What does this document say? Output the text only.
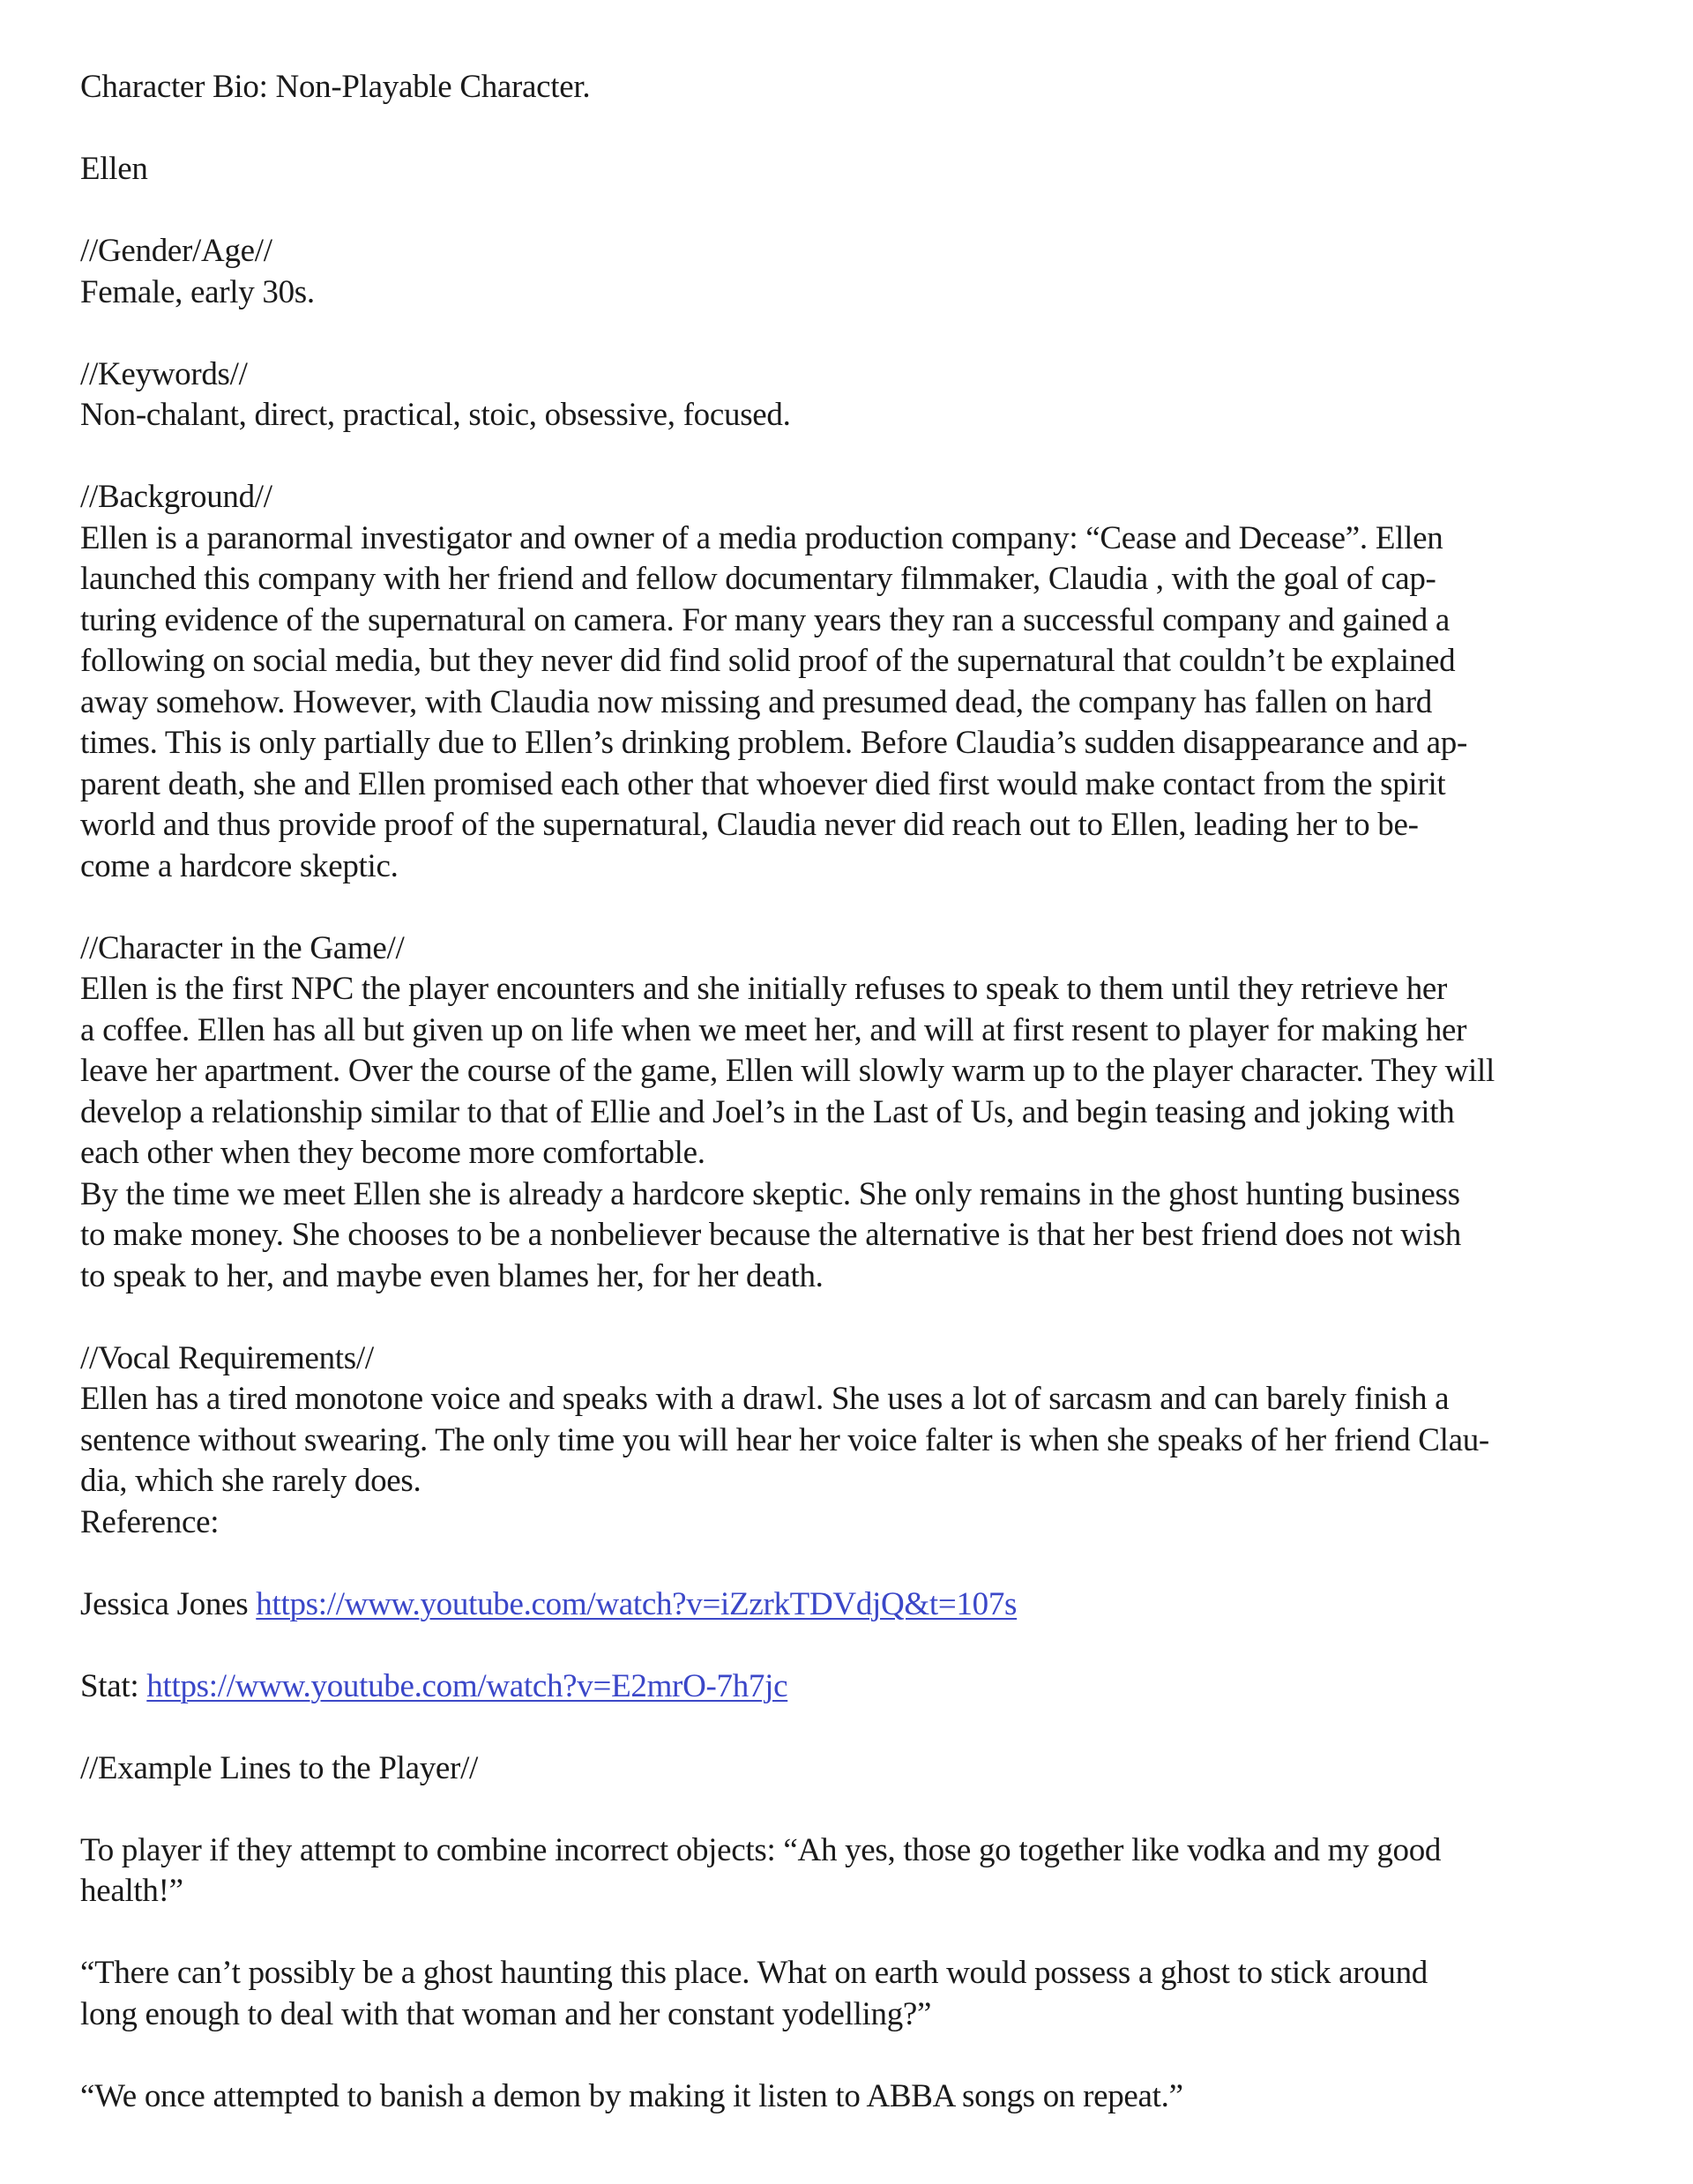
Character Bio: Non-Playable Character.

Ellen

//Gender/Age//

Female, early 30s.

//Keywords//

Non-chalant, direct, practical, stoic, obsessive, focused.

//Background//

Ellen is a paranormal investigator and owner of a media production company: “Cease and Decease”. Ellen

launched this company with her friend and fellow documentary filmmaker, Claudia , with the goal of cap-

turing evidence of the supernatural on camera. For many years they ran a successful company and gained a

following on social media, but they never did find solid proof of the supernatural that couldn’t be explained

away somehow. However, with Claudia now missing and presumed dead, the company has fallen on hard

times. This is only partially due to Ellen’s drinking problem. Before Claudia’s sudden disappearance and ap-

parent death, she and Ellen promised each other that whoever died first would make contact from the spirit

world and thus provide proof of the supernatural, Claudia never did reach out to Ellen, leading her to be-

come a hardcore skeptic.

//Character in the Game//

Ellen is the first NPC the player encounters and she initially refuses to speak to them until they retrieve her

a coffee. Ellen has all but given up on life when we meet her, and will at first resent to player for making her

leave her apartment. Over the course of the game, Ellen will slowly warm up to the player character. They will

develop a relationship similar to that of Ellie and Joel’s in the Last of Us, and begin teasing and joking with

each other when they become more comfortable.

By the time we meet Ellen she is already a hardcore skeptic. She only remains in the ghost hunting business

to make money. She chooses to be a nonbeliever because the alternative is that her best friend does not wish

to speak to her, and maybe even blames her, for her death.

//Vocal Requirements//

Ellen has a tired monotone voice and speaks with a drawl. She uses a lot of sarcasm and can barely finish a

sentence without swearing. The only time you will hear her voice falter is when she speaks of her friend Clau-

dia, which she rarely does.

Reference:

Jessica Jones https://www.youtube.com/watch?v=iZzrkTDVdjQ&t=107s

Stat: https://www.youtube.com/watch?v=E2mrO-7h7jc

//Example Lines to the Player//

To player if they attempt to combine incorrect objects: “Ah yes, those go together like vodka and my good

health!”

“There can’t possibly be a ghost haunting this place. What on earth would possess a ghost to stick around

long enough to deal with that woman and her constant yodelling?”

“We once attempted to banish a demon by making it listen to ABBA songs on repeat.”
